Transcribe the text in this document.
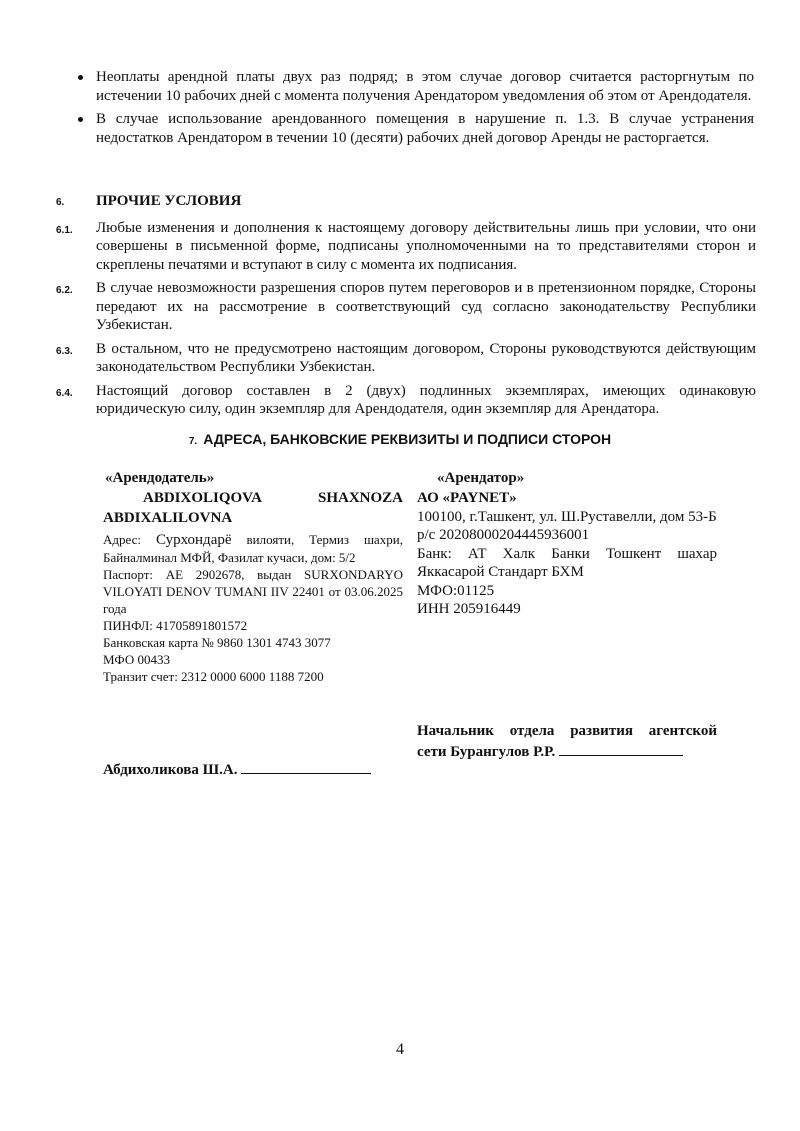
Неоплаты арендной платы двух раз подряд; в этом случае договор считается расторгнутым по истечении 10 рабочих дней с момента получения Арендатором уведомления об этом от Арендодателя.
В случае использование арендованного помещения в нарушение п. 1.3. В случае устранения недостатков Арендатором в течении 10 (десяти) рабочих дней договор Аренды не расторгается.
6.	ПРОЧИЕ УСЛОВИЯ
6.1.	Любые изменения и дополнения к настоящему договору действительны лишь при условии, что они совершены в письменной форме, подписаны уполномоченными на то представителями сторон и скреплены печатями и вступают в силу с момента их подписания.
6.2.	В случае невозможности разрешения споров путем переговоров и в претензионном порядке, Стороны передают их на рассмотрение в соответствующий суд согласно законодательству Республики Узбекистан.
6.3.	В остальном, что не предусмотрено настоящим договором, Стороны руководствуются действующим законодательством Республики Узбекистан.
6.4.	Настоящий договор составлен в 2 (двух) подлинных экземплярах, имеющих одинаковую юридическую силу, один экземпляр для Арендодателя, один экземпляр для Арендатора.
7. АДРЕСА, БАНКОВСКИЕ РЕКВИЗИТЫ И ПОДПИСИ СТОРОН
«Арендодатель»
ABDIXOLIQOVA SHAXNOZA
ABDIXALILOVNA
Адрес: Сурхондарё вилояти, Термиз шахри, Байналминал МФЙ, Фазилат кучаси, дом: 5/2
Паспорт: АЕ 2902678, выдан SURXONDARYO VILOYATI DENOV TUMANI IIV 22401 от 03.06.2025 года
ПИНФЛ: 41705891801572
Банковская карта № 9860 1301 4743 3077
МФО 00433
Транзит счет: 2312 0000 6000 1188 7200
«Арендатор»
АО «PAYNET»
100100, г.Ташкент, ул. Ш.Руставелли, дом 53-Б
р/с 20208000204445936001
Банк: АТ Халк Банки Тошкент шахар Яккасарой Стандарт БХМ
МФО:01125
ИНН 205916449
Начальник отдела развития агентской
сети Бурангулов Р.Р.
Абдихоликова Ш.А.
4
